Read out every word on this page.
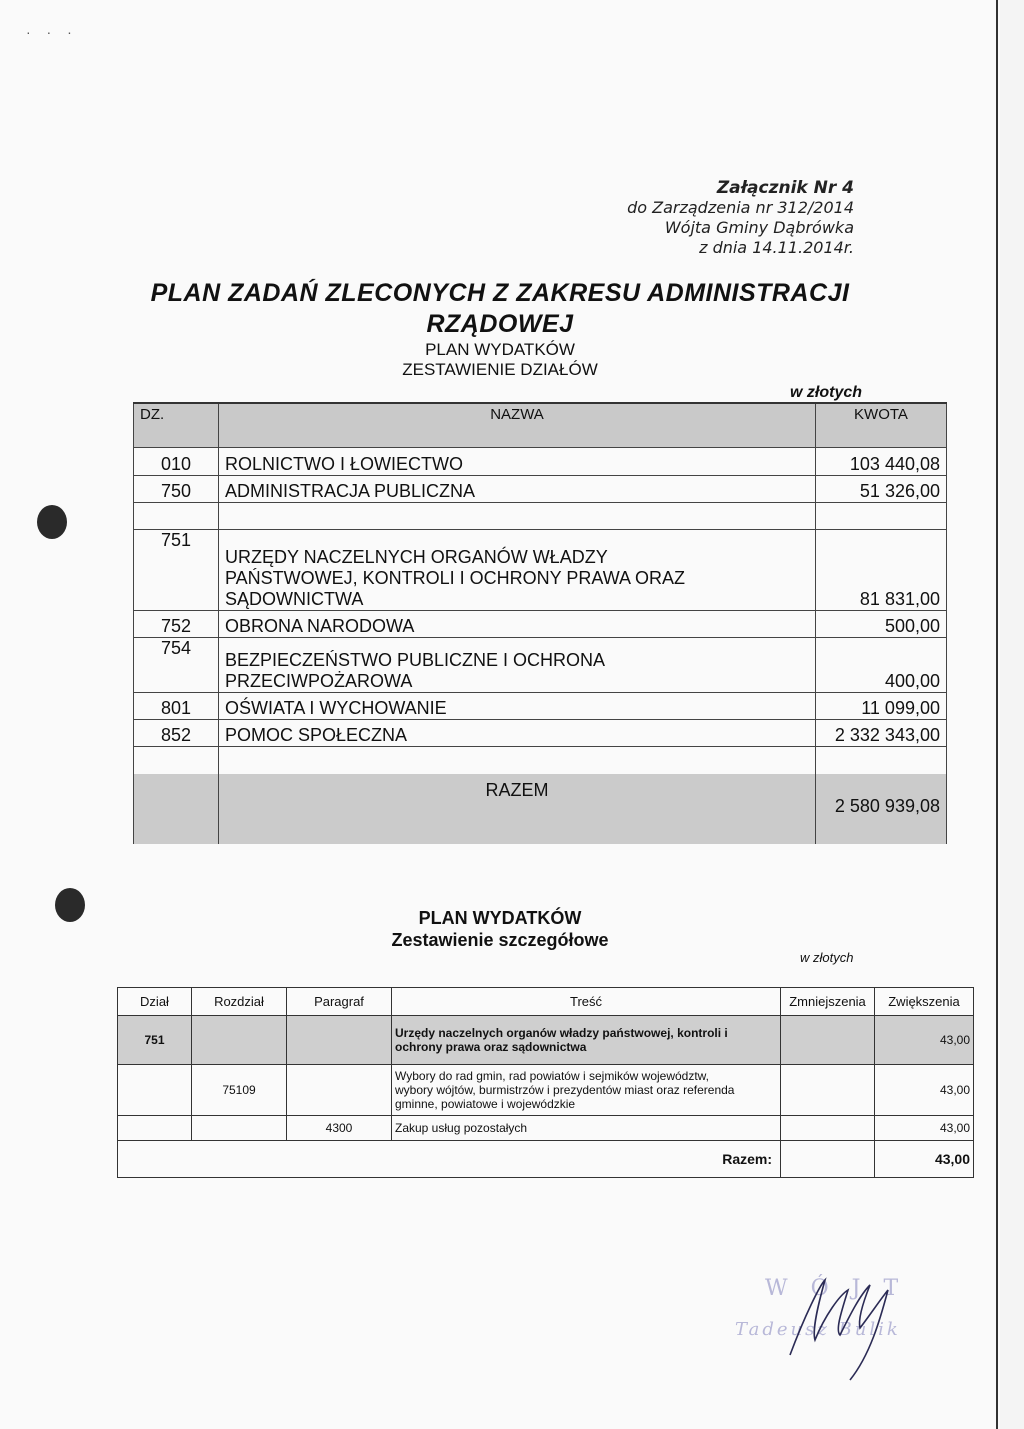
· · ·
Załącznik Nr 4
do Zarządzenia nr 312/2014
Wójta Gminy Dąbrówka
z dnia 14.11.2014r.
PLAN ZADAŃ ZLECONYCH Z ZAKRESU ADMINISTRACJI
RZĄDOWEJ
PLAN WYDATKÓW
ZESTAWIENIE DZIAŁÓW
w złotych
DZ.	NAZWA	KWOTA
010	ROLNICTWO I ŁOWIECTWO	103 440,08
750	ADMINISTRACJA PUBLICZNA	51 326,00

751	URZĘDY NACZELNYCH ORGANÓW WŁADZY
PAŃSTWOWEJ, KONTROLI I OCHRONY PRAWA ORAZ
SĄDOWNICTWA	81 831,00
752	OBRONA NARODOWA	500,00
754	BEZPIECZEŃSTWO PUBLICZNE I OCHRONA
PRZECIWPOŻAROWA	400,00
801	OŚWIATA I WYCHOWANIE	11 099,00
852	POMOC SPOŁECZNA	2 332 343,00

	RAZEM	2 580 939,08
PLAN WYDATKÓW
Zestawienie szczegółowe
w złotych
Dział	Rozdział	Paragraf	Treść	Zmniejszenia	Zwiększenia
751			Urzędy naczelnych organów władzy państwowej, kontroli i
ochrony prawa oraz sądownictwa		43,00
	75109		Wybory do rad gmin, rad powiatów i sejmików województw,
wybory wójtów, burmistrzów i prezydentów miast oraz referenda
gminne, powiatowe i wojewódzkie		43,00
		4300	Zakup usług pozostałych		43,00
Razem:					43,00
W Ó J T
Tadeusz Bulik
